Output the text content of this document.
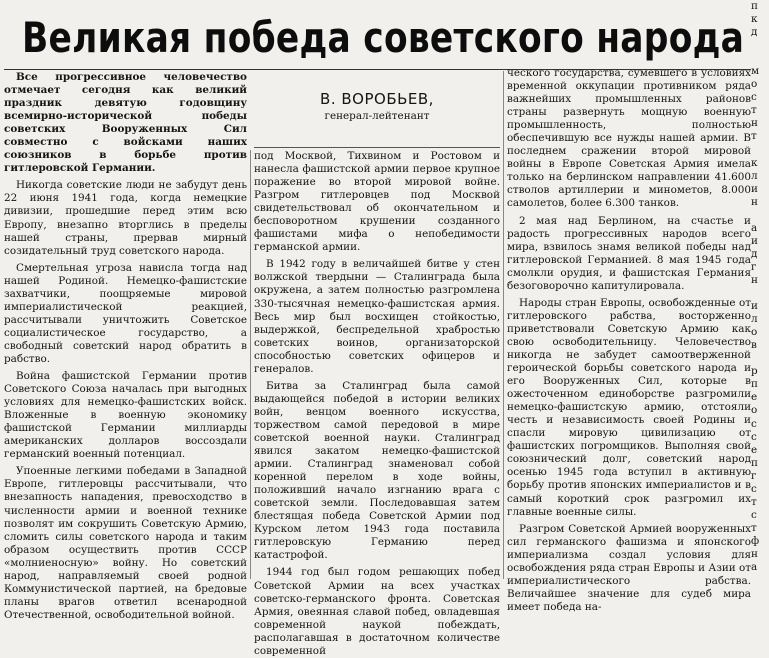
Великая победа советского народа
В. ВОРОБЬЕВ,
генерал-лейтенант

Все прогрессивное человечество отмечает сегодня как великий праздник девятую годовщину всемирно-исторической победы советских Вооруженных Сил совместно с войсками наших союзников в борьбе против гитлеровской Германии.

Никогда советские люди не забудут день 22 июня 1941 года, когда немецкие дивизии, прошедшие перед этим всю Европу, внезапно вторглись в пределы нашей страны, прервав мирный созидательный труд советского народа.

Смертельная угроза нависла тогда над нашей Родиной. Немецко-фашистские захватчики, поощряемые мировой империалистической реакцией, рассчитывали уничтожить Советское социалистическое государство, а свободный советский народ обратить в рабство.

Война фашистской Германии против Советского Союза началась при выгодных условиях для немецко-фашистских войск. Вложенные в военную экономику фашистской Германии миллиарды американских долларов воссоздали германский военный потенциал.

Упоенные легкими победами в Западной Европе, гитлеровцы рассчитывали, что внезапность нападения, превосходство в численности армии и военной технике позволят им сокрушить Советскую Армию, сломить силы советского народа и таким образом осуществить против СССР «молниеносную» войну. Но советский народ, направляемый своей родной Коммунистической партией, на бредовые планы врагов ответил всенародной Отечественной, освободительной войной.

под Москвой, Тихвином и Ростовом и нанесла фашистской армии первое крупное поражение во второй мировой войне. Разгром гитлеровцев под Москвой свидетельствовал об окончательном и бесповоротном крушении созданного фашистами мифа о непобедимости германской армии.

В 1942 году в величайшей битве у стен волжской твердыни — Сталинграда была окружена, а затем полностью разгромлена 330-тысячная немецко-фашистская армия. Весь мир был восхищен стойкостью, выдержкой, беспредельной храбростью советских воинов, организаторской способностью советских офицеров и генералов.

Битва за Сталинград была самой выдающейся победой в истории великих войн, венцом военного искусства, торжеством самой передовой в мире советской военной науки. Сталинград явился закатом немецко-фашистской армии. Сталинград знаменовал собой коренной перелом в ходе войны, положивший начало изгнанию врага с советской земли. Последовавшая затем блестящая победа Советской Армии под Курском летом 1943 года поставила гитлеровскую Германию перед катастрофой.

1944 год был годом решающих побед Советской Армии на всех участках советско-германского фронта. Советская Армия, овеянная славой побед, овладевшая современной наукой побеждать, располагавшая в достаточном количестве современной

ческого государства, сумевшего в условиях временной оккупации противником ряда важнейших промышленных районов страны развернуть мощную военную промышленность, полностью обеспечившую все нужды нашей армии. В последнем сражении второй мировой войны в Европе Советская Армия имела только на берлинском направлении 41.600 стволов артиллерии и минометов, 8.000 самолетов, более 6.300 танков.

2 мая над Берлином, на счастье и радость прогрессивных народов всего мира, взвилось знамя великой победы над гитлеровской Германией. 8 мая 1945 года смолкли орудия, и фашистская Германия безоговорочно капитулировала.

Народы стран Европы, освобожденные от гитлеровского рабства, восторженно приветствовали Советскую Армию как свою освободительницу. Человечество никогда не забудет самоотверженной героической борьбы советского народа и его Вооруженных Сил, которые в ожесточенном единоборстве разгромили немецко-фашистскую армию, отстояли честь и независимость своей Родины и спасли мировую цивилизацию от фашистских погромщиков. Выполняя свой союзнический долг, советский народ осенью 1945 года вступил в активную борьбу против японских империалистов и в самый короткий срок разгромил их главные военные силы.

Разгром Советской Армией вооруженных сил германского фашизма и японского империализма создал условия для освобождения ряда стран Европы и Азии от империалистического рабства. Величайшее значение для судеб мира имеет победа на-

п

к

д

м

о

с

т

н

т

к

л

и

н

а

и

д

г

н

и

л

о

в

р

п

е

о

с

с

е

п

г

с

т

с

т

ф

н

а
